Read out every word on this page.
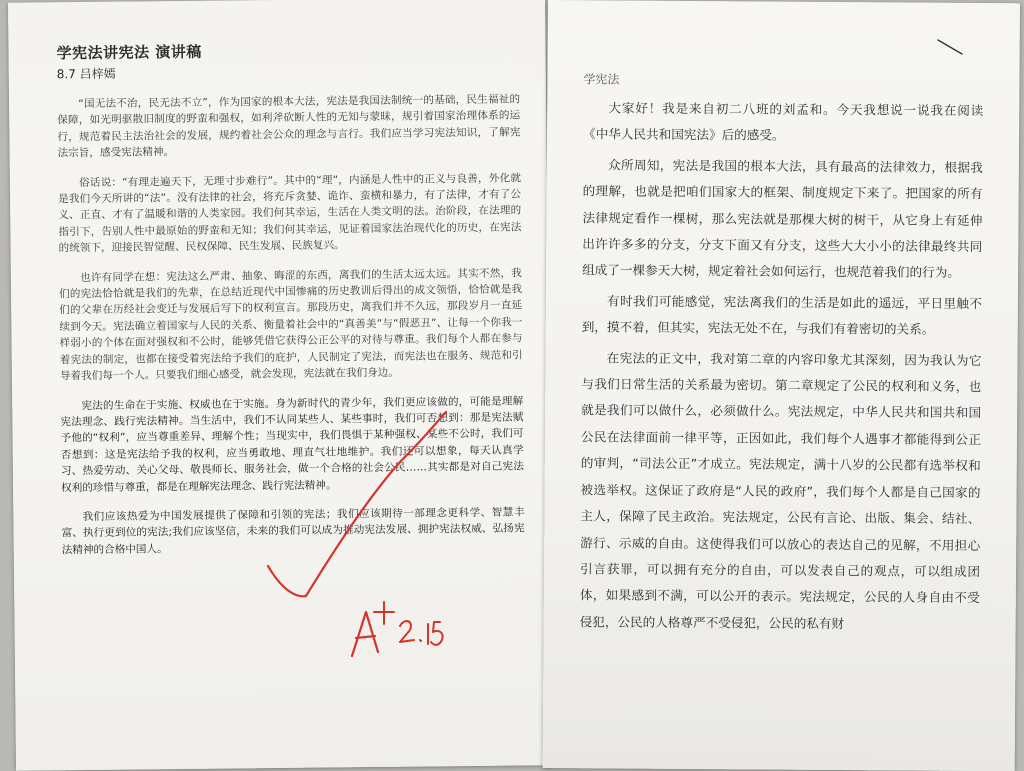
学宪法讲宪法 演讲稿
8.7 吕梓嫣

“国无法不治，民无法不立”，作为国家的根本大法，宪法是我国法制统一的基础，民生福祉的保障，如光明驱散旧制度的野蛮和强权，如利斧砍断人性的无知与蒙昧，规引着国家治理体系的运行，规范着民主法治社会的发展，规约着社会公众的理念与言行。我们应当学习宪法知识，了解宪法宗旨，感受宪法精神。

俗话说：“有理走遍天下，无理寸步难行”。其中的“理”，内涵是人性中的正义与良善，外化就是我们今天所讲的“法”。没有法律的社会，将充斥贪婪、诡诈、蛮横和暴力，有了法律，才有了公义、正直、才有了温暖和谐的人类家园。我们何其幸运，生活在人类文明的法。治阶段，在法理的指引下，告别人性中最原始的野蛮和无知；我们何其幸运，见证着国家法治现代化的历史，在宪法的统领下，迎接民智觉醒、民权保障、民生发展、民族复兴。

也许有同学在想：宪法这么严肃、抽象、晦涩的东西，离我们的生活太远太远。其实不然，我们的宪法恰恰就是我们的先辈，在总结近现代中国惨痛的历史教训后得出的成文领悟，恰恰就是我们的父辈在历经社会变迁与发展后写下的权利宣言。那段历史，离我们并不久远，那段岁月一直延续到今天。宪法确立着国家与人民的关系、衡量着社会中的“真善美”与“假恶丑”、让每一个你我一样弱小的个体在面对强权和不公时，能够凭借它获得公正公平的对待与尊重。我们每个人都在参与着宪法的制定，也都在接受着宪法给予我们的庇护，人民制定了宪法，而宪法也在服务、规范和引导着我们每一个人。只要我们细心感受，就会发现，宪法就在我们身边。

宪法的生命在于实施、权威也在于实施。身为新时代的青少年，我们更应该做的，可能是理解宪法理念、践行宪法精神。当生活中，我们不认同某些人、某些事时，我们可否想到：那是宪法赋予他的“权利”，应当尊重差异、理解个性；当现实中，我们畏惧于某种强权、某些不公时，我们可否想到：这是宪法给予我的权利，应当勇敢地、理直气壮地维护。我们还可以想象，每天认真学习、热爱劳动、关心父母、敬畏师长、服务社会，做一个合格的社会公民……其实都是对自己宪法权利的珍惜与尊重，都是在理解宪法理念、践行宪法精神。

我们应该热爱为中国发展提供了保障和引领的宪法；我们应该期待一部理念更科学、智慧丰富、执行更到位的宪法;我们应该坚信，未来的我们可以成为推动宪法发展、拥护宪法权威、弘扬宪法精神的合格中国人。

学宪法

大家好！我是来自初二八班的刘孟和。今天我想说一说我在阅读《中华人民共和国宪法》后的感受。

众所周知，宪法是我国的根本大法，具有最高的法律效力，根据我的理解，也就是把咱们国家大的框架、制度规定下来了。把国家的所有法律规定看作一棵树，那么宪法就是那棵大树的树干，从它身上有延伸出许许多多的分支，分支下面又有分支，这些大大小小的法律最终共同组成了一棵参天大树，规定着社会如何运行，也规范着我们的行为。

有时我们可能感觉，宪法离我们的生活是如此的遥远，平日里触不到，摸不着，但其实，宪法无处不在，与我们有着密切的关系。

在宪法的正文中，我对第二章的内容印象尤其深刻，因为我认为它与我们日常生活的关系最为密切。第二章规定了公民的权利和义务，也就是我们可以做什么，必须做什么。宪法规定，中华人民共和国共和国公民在法律面前一律平等，正因如此，我们每个人遇事才都能得到公正的审判，“司法公正”才成立。宪法规定，满十八岁的公民都有选举权和被选举权。这保证了政府是“人民的政府”，我们每个人都是自己国家的主人，保障了民主政治。宪法规定，公民有言论、出版、集会、结社、游行、示威的自由。这使得我们可以放心的表达自己的见解，不用担心引言获罪，可以拥有充分的自由，可以发表自己的观点，可以组成团体，如果感到不满，可以公开的表示。宪法规定，公民的人身自由不受侵犯，公民的人格尊严不受侵犯，公民的私有财
